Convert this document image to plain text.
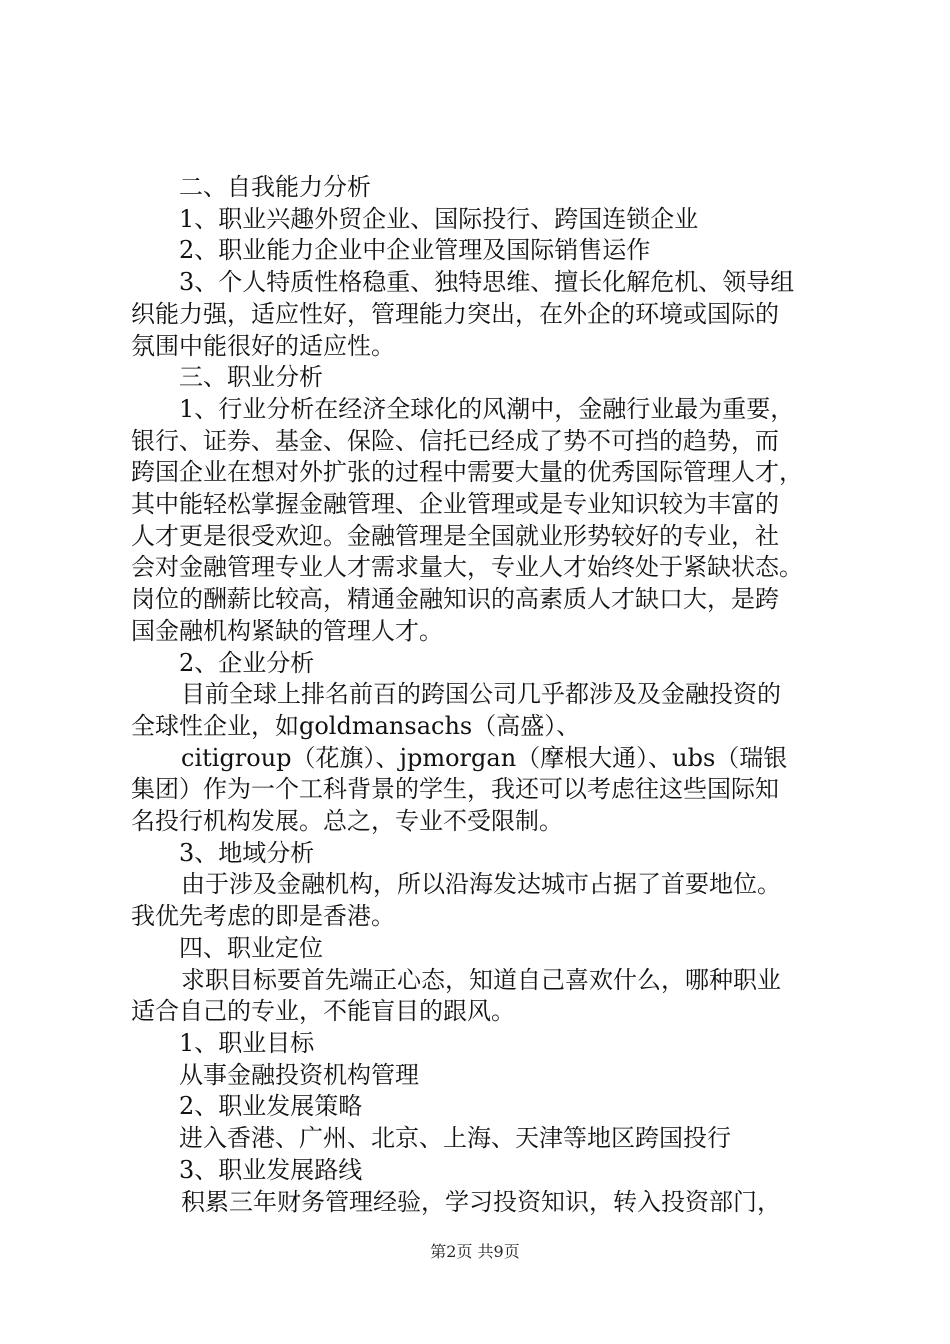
二、自我能力分析
1、职业兴趣外贸企业、国际投行、跨国连锁企业
2、职业能力企业中企业管理及国际销售运作
3、个人特质性格稳重、独特思维、擅长化解危机、领导组
织能力强，适应性好，管理能力突出，在外企的环境或国际的
氛围中能很好的适应性。
三、职业分析
1、行业分析在经济全球化的风潮中，金融行业最为重要，
银行、证券、基金、保险、信托已经成了势不可挡的趋势，而
跨国企业在想对外扩张的过程中需要大量的优秀国际管理人才，
其中能轻松掌握金融管理、企业管理或是专业知识较为丰富的
人才更是很受欢迎。金融管理是全国就业形势较好的专业，社
会对金融管理专业人才需求量大，专业人才始终处于紧缺状态。
岗位的酬薪比较高，精通金融知识的高素质人才缺口大，是跨
国金融机构紧缺的管理人才。
2、企业分析
目前全球上排名前百的跨国公司几乎都涉及及金融投资的
全球性企业，如goldmansachs（高盛）、
citigroup（花旗）、jpmorgan（摩根大通）、ubs（瑞银
集团）作为一个工科背景的学生，我还可以考虑往这些国际知
名投行机构发展。总之，专业不受限制。
3、地域分析
由于涉及金融机构，所以沿海发达城市占据了首要地位。
我优先考虑的即是香港。
四、职业定位
求职目标要首先端正心态，知道自己喜欢什么，哪种职业
适合自己的专业，不能盲目的跟风。
1、职业目标
从事金融投资机构管理
2、职业发展策略
进入香港、广州、北京、上海、天津等地区跨国投行
3、职业发展路线
积累三年财务管理经验，学习投资知识，转入投资部门，
第2页 共9页
